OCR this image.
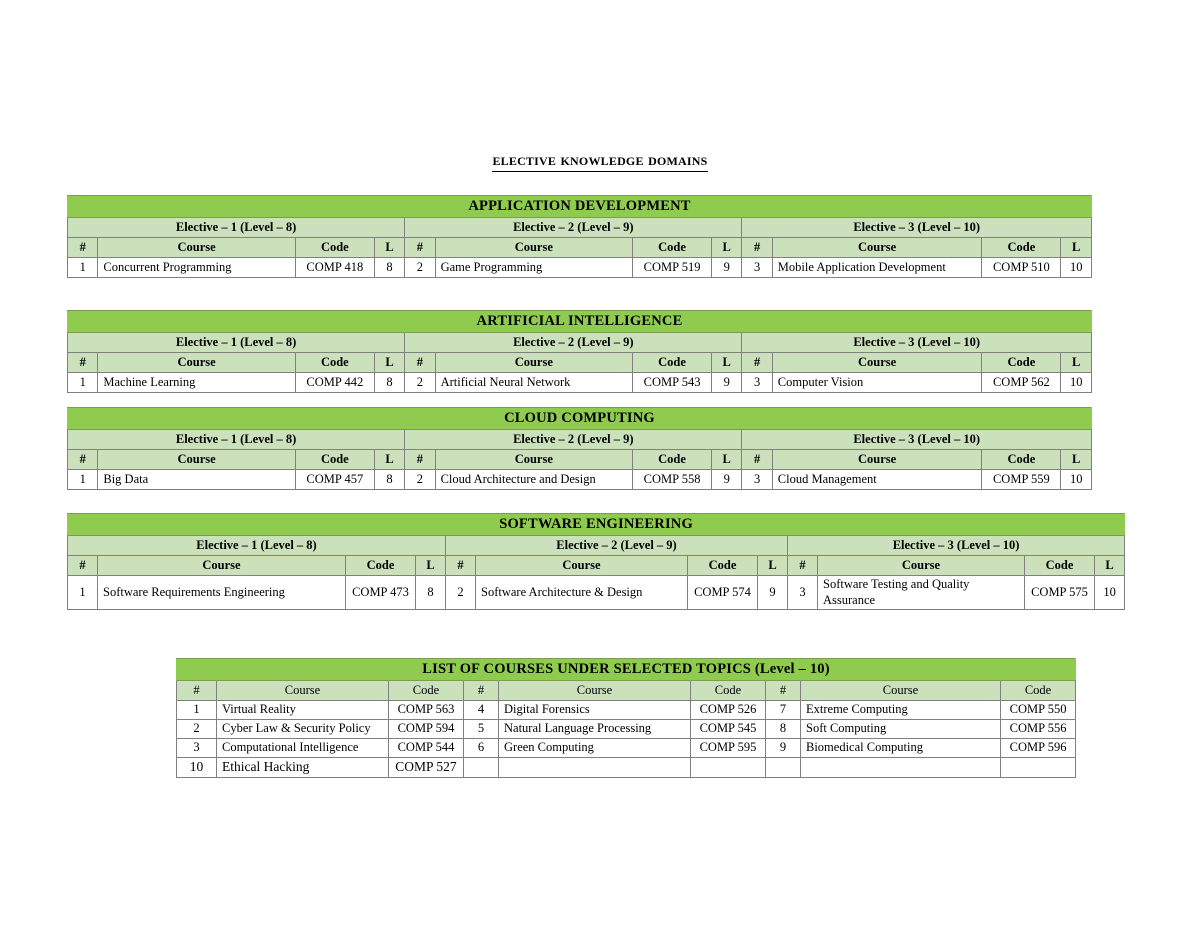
elective knowledge domains
APPLICATION DEVELOPMENT											
Elective – 1 (Level – 8)				Elective – 2 (Level – 9)				Elective – 3 (Level – 10)			
#	Course	Code	L	#	Course	Code	L	#	Course	Code	L
1	Concurrent Programming	COMP 418	8	2	Game Programming	COMP 519	9	3	Mobile Application Development	COMP 510	10
ARTIFICIAL INTELLIGENCE											
Elective – 1 (Level – 8)				Elective – 2 (Level – 9)				Elective – 3 (Level – 10)			
#	Course	Code	L	#	Course	Code	L	#	Course	Code	L
1	Machine Learning	COMP 442	8	2	Artificial Neural Network	COMP 543	9	3	Computer Vision	COMP 562	10
CLOUD COMPUTING											
Elective – 1 (Level – 8)				Elective – 2 (Level – 9)				Elective – 3 (Level – 10)			
#	Course	Code	L	#	Course	Code	L	#	Course	Code	L
1	Big Data	COMP 457	8	2	Cloud Architecture and Design	COMP 558	9	3	Cloud Management	COMP 559	10
SOFTWARE ENGINEERING											
Elective – 1 (Level – 8)				Elective – 2 (Level – 9)				Elective – 3 (Level – 10)			
#	Course	Code	L	#	Course	Code	L	#	Course	Code	L
1	Software Requirements Engineering	COMP 473	8	2	Software Architecture & Design	COMP 574	9	3	Software Testing and Quality Assurance	COMP 575	10
LIST OF COURSES UNDER SELECTED TOPICS (Level – 10)								
#	Course	Code	#	Course	Code	#	Course	Code
1	Virtual Reality	COMP 563	4	Digital Forensics	COMP 526	7	Extreme Computing	COMP 550
2	Cyber Law & Security Policy	COMP 594	5	Natural Language Processing	COMP 545	8	Soft Computing	COMP 556
3	Computational Intelligence	COMP 544	6	Green Computing	COMP 595	9	Biomedical Computing	COMP 596
10	Ethical Hacking	COMP 527						
